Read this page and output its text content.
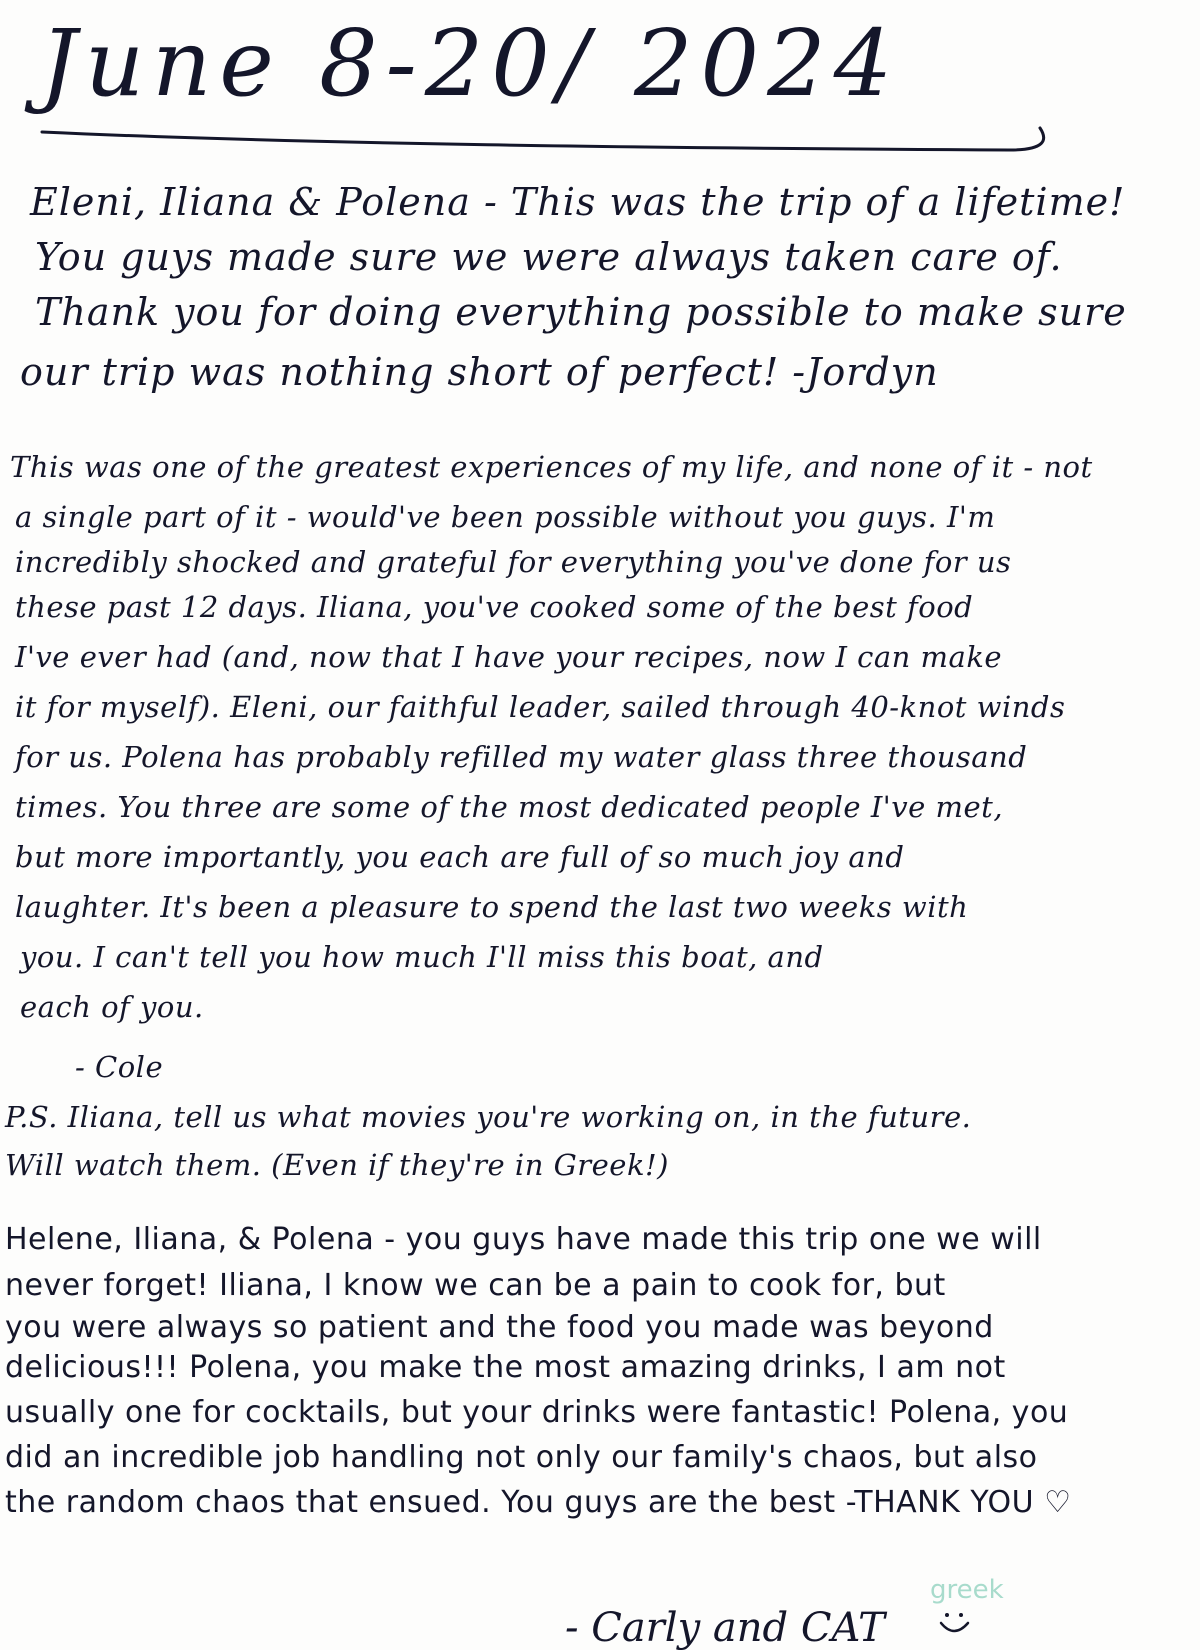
June 8-20/ 2024
Eleni, Iliana & Polena - This was the trip of a lifetime!
You guys made sure we were always taken care of.
Thank you for doing everything possible to make sure
our trip was nothing short of perfect! -Jordyn
This was one of the greatest experiences of my life, and none of it - not
a single part of it - would've been possible without you guys. I'm
incredibly shocked and grateful for everything you've done for us
these past 12 days. Iliana, you've cooked some of the best food
I've ever had (and, now that I have your recipes, now I can make
it for myself). Eleni, our faithful leader, sailed through 40-knot winds
for us. Polena has probably refilled my water glass three thousand
times. You three are some of the most dedicated people I've met,
but more importantly, you each are full of so much joy and
laughter. It's been a pleasure to spend the last two weeks with
you. I can't tell you how much I'll miss this boat, and
each of you.
- Cole
P.S. Iliana, tell us what movies you're working on, in the future.
Will watch them. (Even if they're in Greek!)
Helene, Iliana, & Polena - you guys have made this trip one we will
never forget! Iliana, I know we can be a pain to cook for, but
you were always so patient and the food you made was beyond
delicious!!! Polena, you make the most amazing drinks, I am not
usually one for cocktails, but your drinks were fantastic! Polena, you
did an incredible job handling not only our family's chaos, but also
the random chaos that ensued. You guys are the best -THANK YOU ♡
- Carly and CAT
greek
